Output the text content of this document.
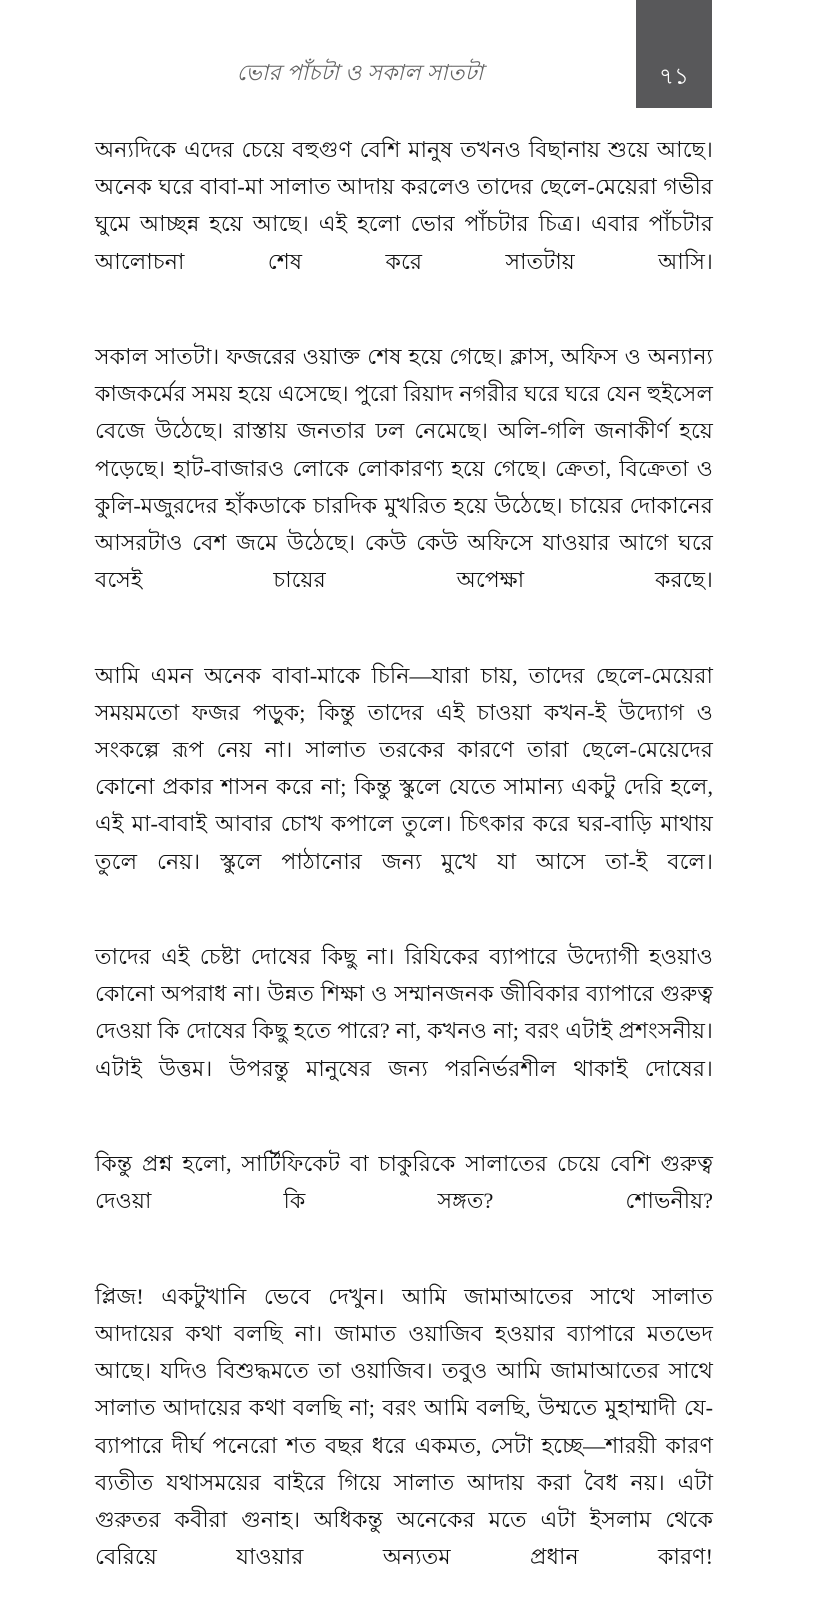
ভোর পাঁচটা ও সকাল সাতটা	৭১

অন্যদিকে এদের চেয়ে বহুগুণ বেশি মানুষ তখনও বিছানায় শুয়ে আছে। অনেক ঘরে বাবা-মা সালাত আদায় করলেও তাদের ছেলে-মেয়েরা গভীর ঘুমে আচ্ছন্ন হয়ে আছে। এই হলো ভোর পাঁচটার চিত্র। এবার পাঁচটার আলোচনা শেষ করে সাতটায় আসি।

সকাল সাতটা। ফজরের ওয়াক্ত শেষ হয়ে গেছে। ক্লাস, অফিস ও অন্যান্য কাজকর্মের সময় হয়ে এসেছে। পুরো রিয়াদ নগরীর ঘরে ঘরে যেন হুইসেল বেজে উঠেছে। রাস্তায় জনতার ঢল নেমেছে। অলি-গলি জনাকীর্ণ হয়ে পড়েছে। হাট-বাজারও লোকে লোকারণ্য হয়ে গেছে। ক্রেতা, বিক্রেতা ও কুলি-মজুরদের হাঁকডাকে চারদিক মুখরিত হয়ে উঠেছে। চায়ের দোকানের আসরটাও বেশ জমে উঠেছে। কেউ কেউ অফিসে যাওয়ার আগে ঘরে বসেই চায়ের অপেক্ষা করছে।

আমি এমন অনেক বাবা-মাকে চিনি—যারা চায়, তাদের ছেলে-মেয়েরা সময়মতো ফজর পড়ুক; কিন্তু তাদের এই চাওয়া কখন-ই উদ্যোগ ও সংকল্পে রূপ নেয় না। সালাত তরকের কারণে তারা ছেলে-মেয়েদের কোনো প্রকার শাসন করে না; কিন্তু স্কুলে যেতে সামান্য একটু দেরি হলে, এই মা-বাবাই আবার চোখ কপালে তুলে। চিৎকার করে ঘর-বাড়ি মাথায় তুলে নেয়। স্কুলে পাঠানোর জন্য মুখে যা আসে তা-ই বলে।

তাদের এই চেষ্টা দোষের কিছু না। রিযিকের ব্যাপারে উদ্যোগী হওয়াও কোনো অপরাধ না। উন্নত শিক্ষা ও সম্মানজনক জীবিকার ব্যাপারে গুরুত্ব দেওয়া কি দোষের কিছু হতে পারে? না, কখনও না; বরং এটাই প্রশংসনীয়। এটাই উত্তম। উপরন্তু মানুষের জন্য পরনির্ভরশীল থাকাই দোষের।

কিন্তু প্রশ্ন হলো, সার্টিফিকেট বা চাকুরিকে সালাতের চেয়ে বেশি গুরুত্ব দেওয়া কি সঙ্গত? শোভনীয়?

প্লিজ! একটুখানি ভেবে দেখুন। আমি জামাআতের সাথে সালাত আদায়ের কথা বলছি না। জামাত ওয়াজিব হওয়ার ব্যাপারে মতভেদ আছে। যদিও বিশুদ্ধমতে তা ওয়াজিব। তবুও আমি জামাআতের সাথে সালাত আদায়ের কথা বলছি না; বরং আমি বলছি, উম্মতে মুহাম্মাদী যে-ব্যাপারে দীর্ঘ পনেরো শত বছর ধরে একমত, সেটা হচ্ছে—শারয়ী কারণ ব্যতীত যথাসময়ের বাইরে গিয়ে সালাত আদায় করা বৈধ নয়। এটা গুরুতর কবীরা গুনাহ। অধিকন্তু অনেকের মতে এটা ইসলাম থেকে বেরিয়ে যাওয়ার অন্যতম প্রধান কারণ!
